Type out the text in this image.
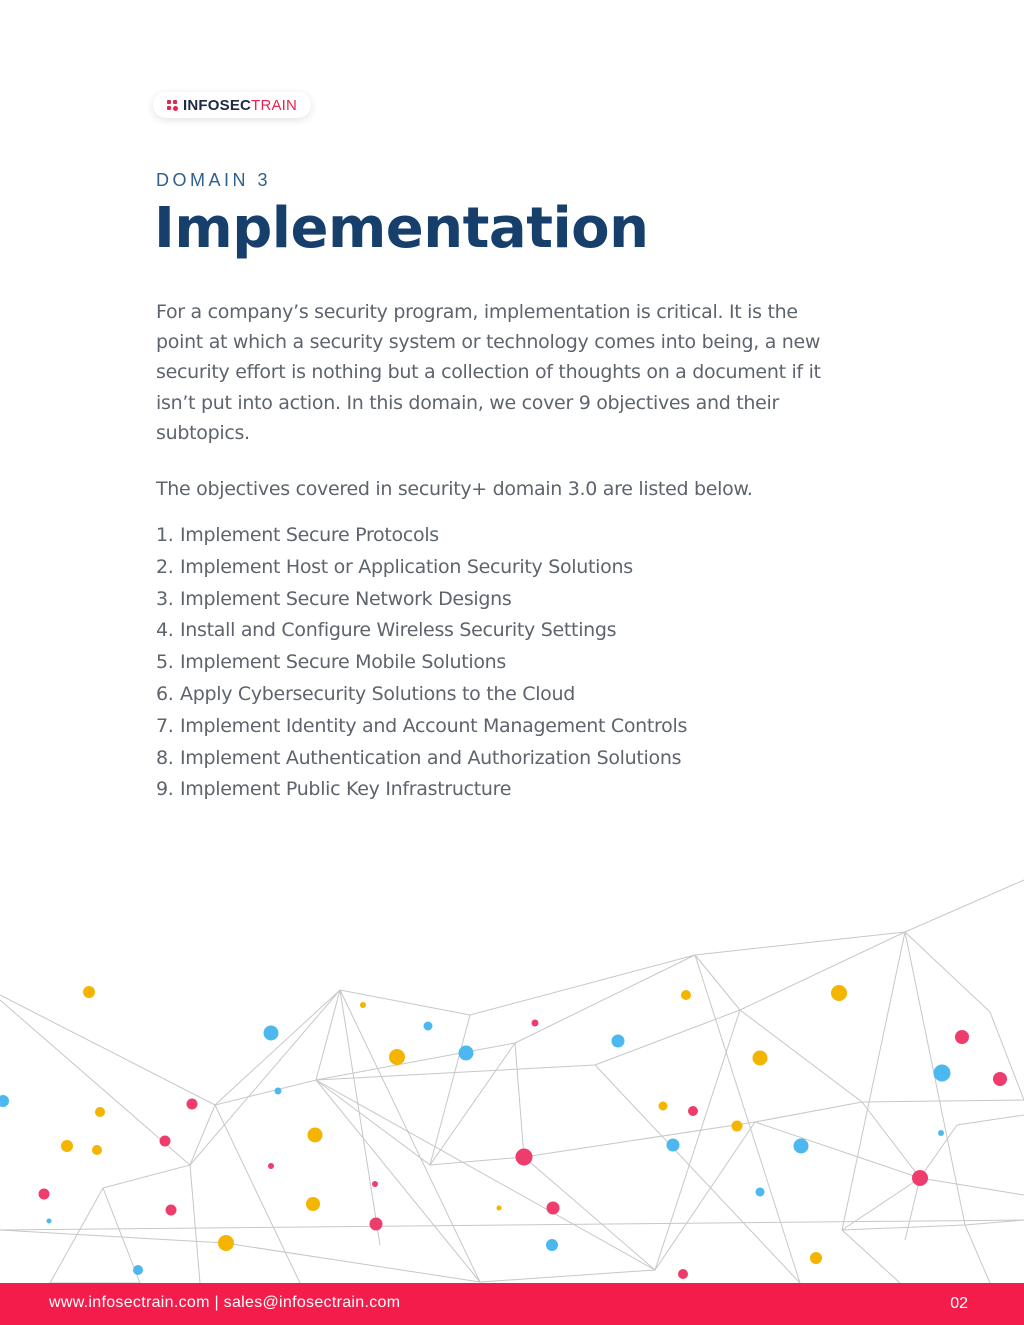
INFOSECTRAIN
DOMAIN 3
Implementation

For a company’s security program, implementation is critical. It is the point at which a security system or technology comes into being, a new security effort is nothing but a collection of thoughts on a document if it isn’t put into action. In this domain, we cover 9 objectives and their subtopics.

The objectives covered in security+ domain 3.0 are listed below.

1. Implement Secure Protocols
2. Implement Host or Application Security Solutions
3. Implement Secure Network Designs
4. Install and Configure Wireless Security Settings
5. Implement Secure Mobile Solutions
6. Apply Cybersecurity Solutions to the Cloud
7. Implement Identity and Account Management Controls
8. Implement Authentication and Authorization Solutions
9. Implement Public Key Infrastructure
www.infosectrain.com | sales@infosectrain.com	02
